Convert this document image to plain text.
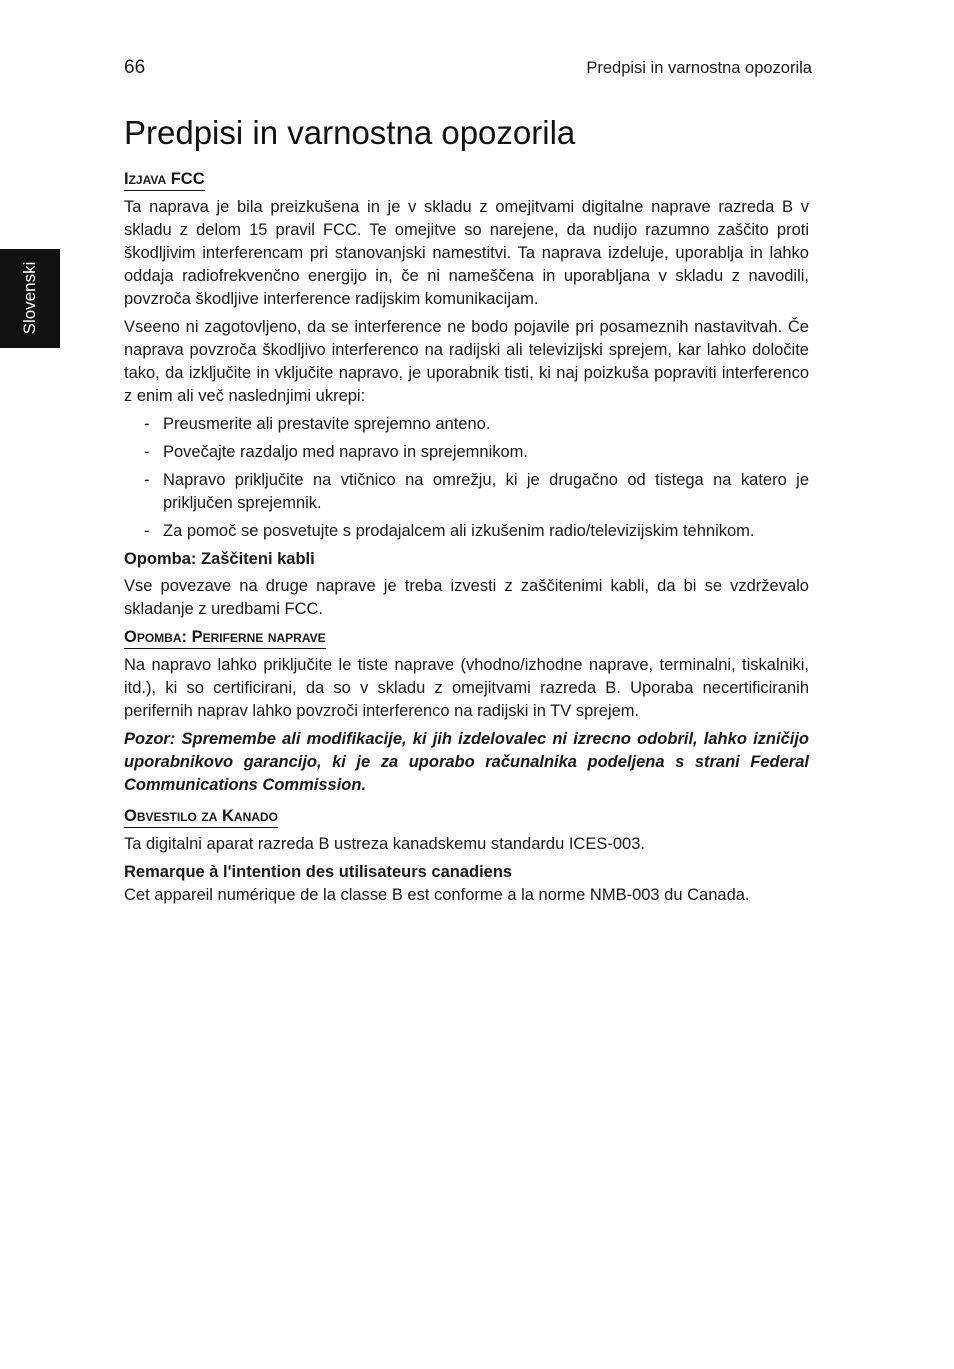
66	Predpisi in varnostna opozorila
Slovenski
Predpisi in varnostna opozorila
Izjava FCC

Ta naprava je bila preizkušena in je v skladu z omejitvami digitalne naprave razreda B v skladu z delom 15 pravil FCC. Te omejitve so narejene, da nudijo razumno zaščito proti škodljivim interferencam pri stanovanjski namestitvi. Ta naprava izdeluje, uporablja in lahko oddaja radiofrekvenčno energijo in, če ni nameščena in uporabljana v skladu z navodili, povzroča škodljive interference radijskim komunikacijam.

Vseeno ni zagotovljeno, da se interference ne bodo pojavile pri posameznih nastavitvah. Če naprava povzroča škodljivo interferenco na radijski ali televizijski sprejem, kar lahko določite tako, da izključite in vključite napravo, je uporabnik tisti, ki naj poizkuša popraviti interferenco z enim ali več naslednjimi ukrepi:

- Preusmerite ali prestavite sprejemno anteno.
- Povečajte razdaljo med napravo in sprejemnikom.
- Napravo priključite na vtičnico na omrežju, ki je drugačno od tistega na katero je priključen sprejemnik.
- Za pomoč se posvetujte s prodajalcem ali izkušenim radio/televizijskim tehnikom.
Opomba: Zaščiteni kabli

Vse povezave na druge naprave je treba izvesti z zaščitenimi kabli, da bi se vzdrževalo skladanje z uredbami FCC.

Opomba: Periferne naprave

Na napravo lahko priključite le tiste naprave (vhodno/izhodne naprave, terminalni, tiskalniki, itd.), ki so certificirani, da so v skladu z omejitvami razreda B. Uporaba necertificiranih perifernih naprav lahko povzroči interferenco na radijski in TV sprejem.

Pozor: Spremembe ali modifikacije, ki jih izdelovalec ni izrecno odobril, lahko izničijo uporabnikovo garancijo, ki je za uporabo računalnika podeljena s strani Federal Communications Commission.

Obvestilo za Kanado

Ta digitalni aparat razreda B ustreza kanadskemu standardu ICES-003.

Remarque à l'intention des utilisateurs canadiens
Cet appareil numérique de la classe B est conforme a la norme NMB-003 du Canada.
